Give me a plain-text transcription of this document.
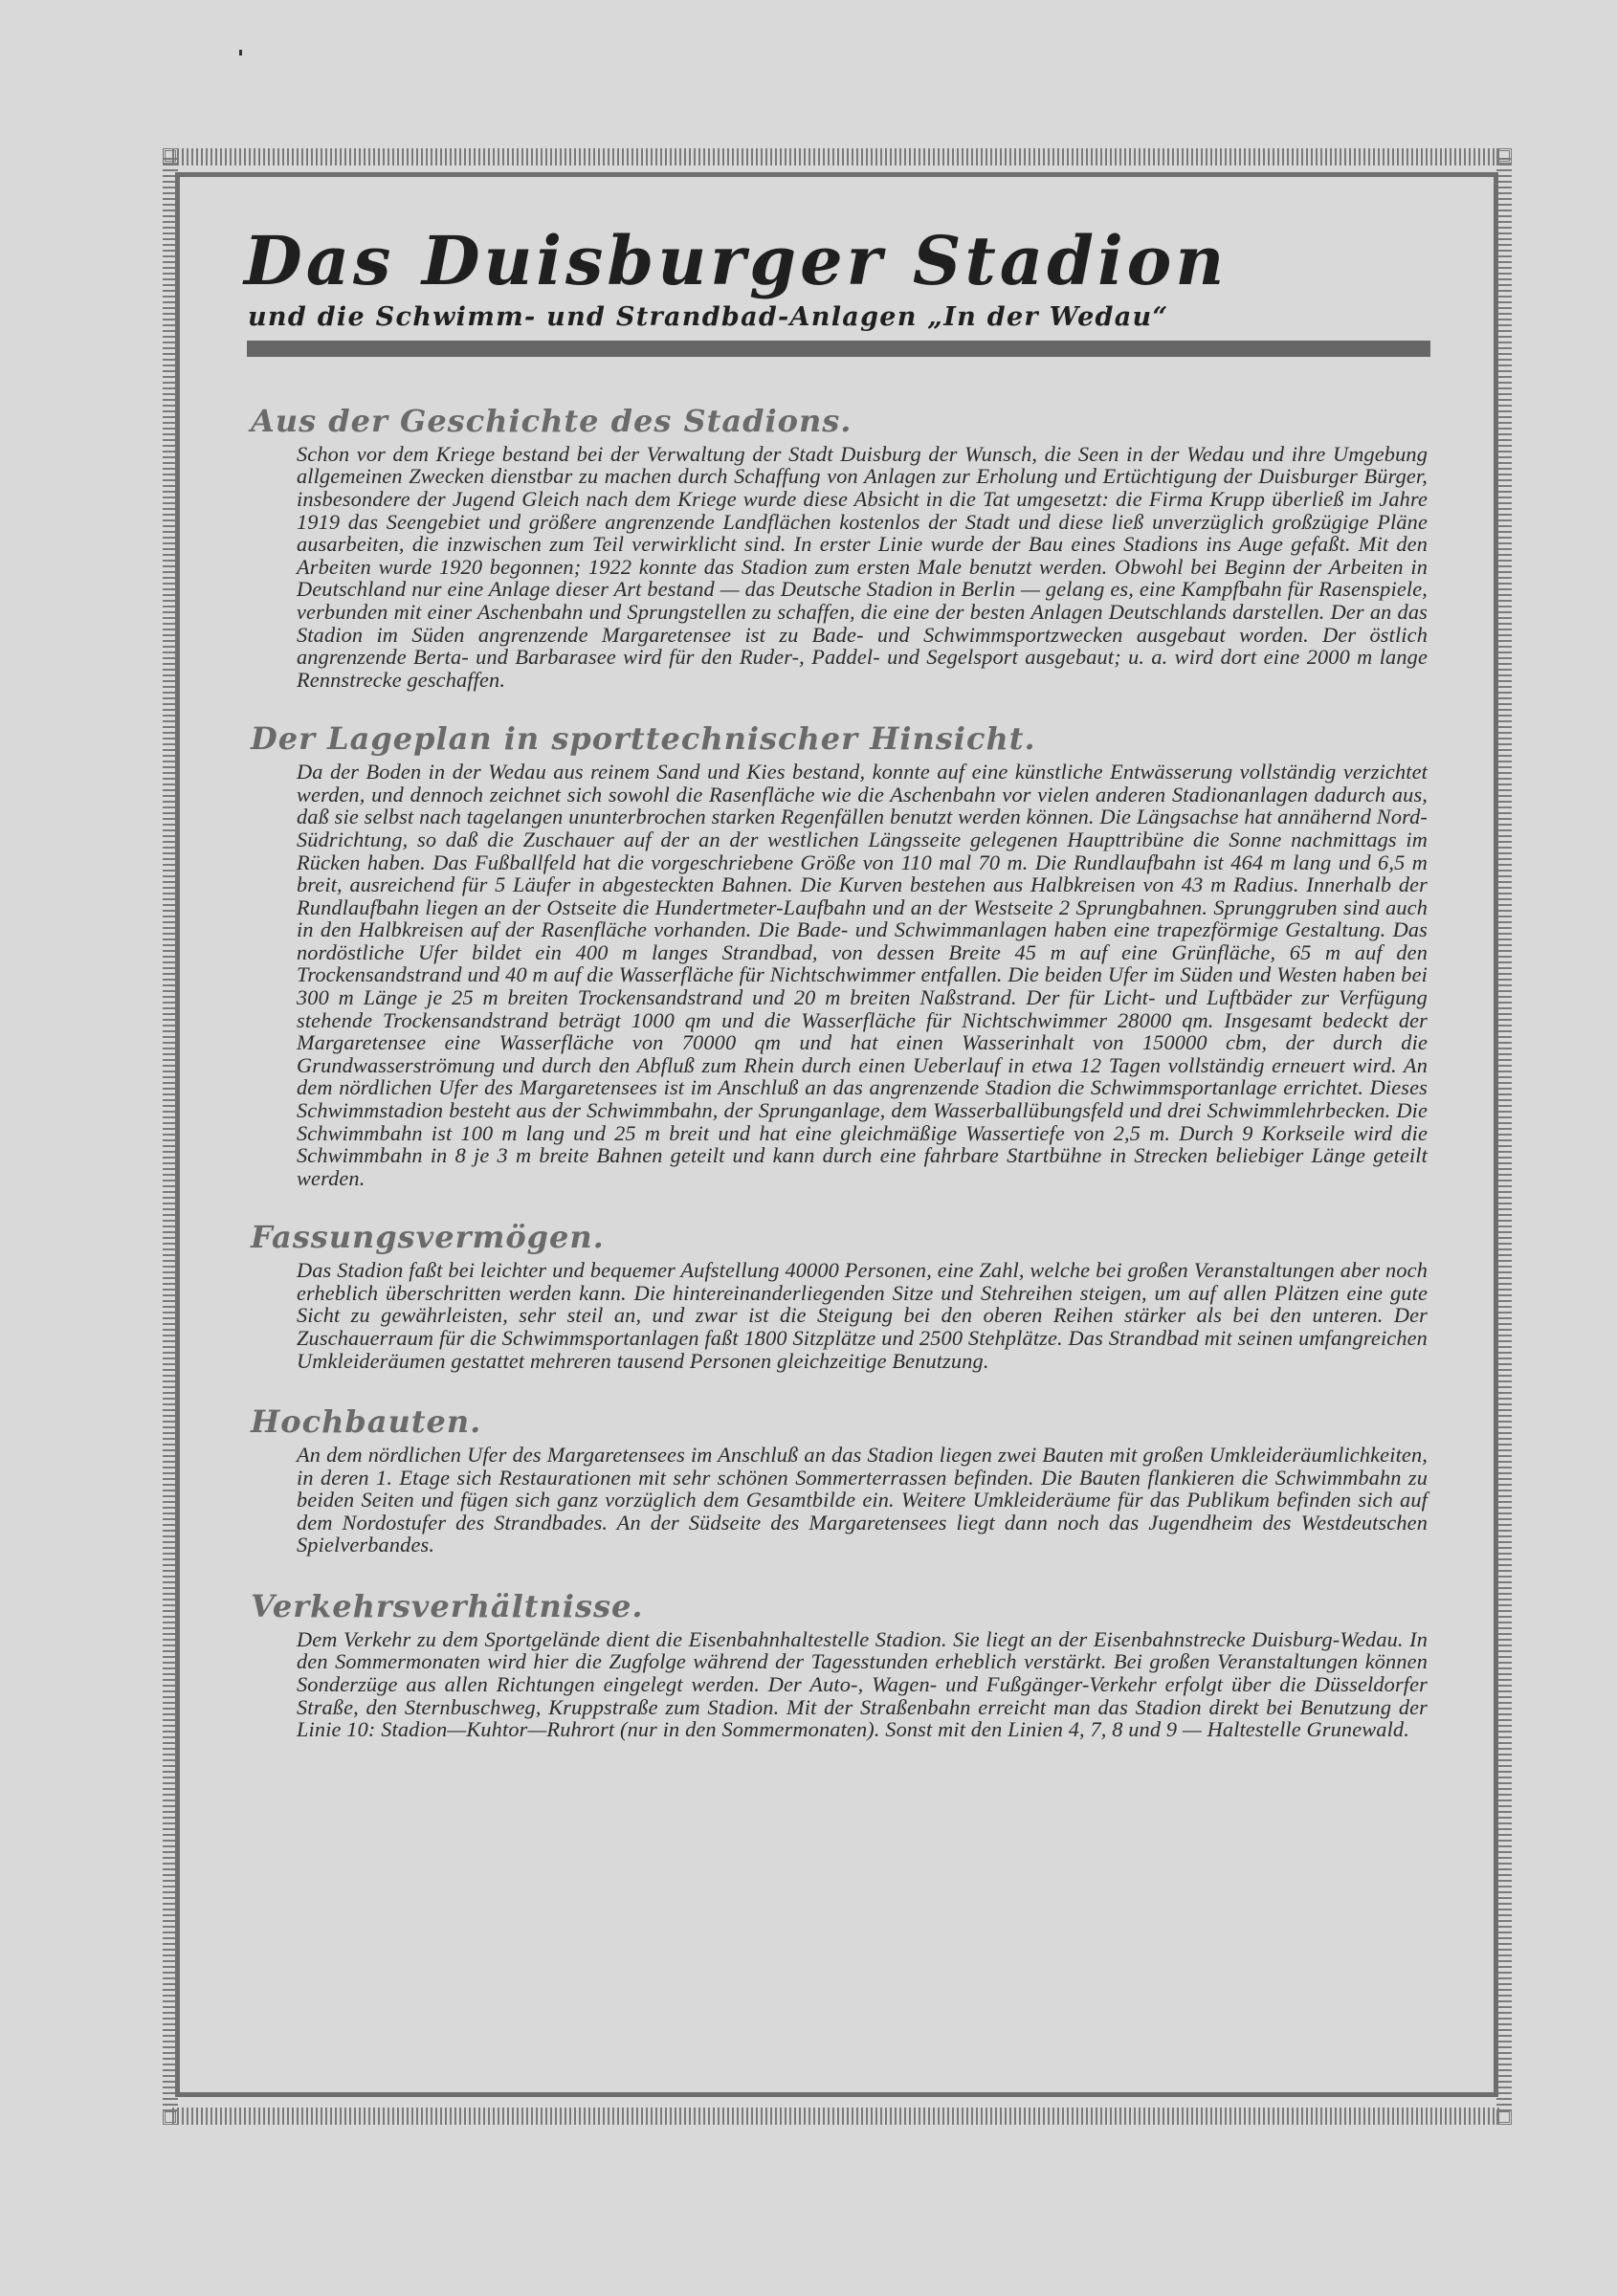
Das Duisburger Stadion
und die Schwimm- und Strandbad-Anlagen „In der Wedau“
Aus der Geschichte des Stadions.

Schon vor dem Kriege bestand bei der Verwaltung der Stadt Duisburg der Wunsch, die Seen in der Wedau und ihre Umgebung allgemeinen Zwecken dienstbar zu machen durch Schaffung von Anlagen zur Erholung und Ertüchtigung der Duisburger Bürger, insbesondere der Jugend Gleich nach dem Kriege wurde diese Absicht in die Tat umgesetzt: die Firma Krupp überließ im Jahre 1919 das Seengebiet und größere angrenzende Landflächen kostenlos der Stadt und diese ließ unverzüglich großzügige Pläne ausarbeiten, die inzwischen zum Teil verwirklicht sind. In erster Linie wurde der Bau eines Stadions ins Auge gefaßt. Mit den Arbeiten wurde 1920 begonnen; 1922 konnte das Stadion zum ersten Male benutzt werden. Obwohl bei Beginn der Arbeiten in Deutschland nur eine Anlage dieser Art bestand — das Deutsche Stadion in Berlin — gelang es, eine Kampfbahn für Rasenspiele, verbunden mit einer Aschenbahn und Sprungstellen zu schaffen, die eine der besten Anlagen Deutschlands darstellen. Der an das Stadion im Süden angrenzende Margaretensee ist zu Bade- und Schwimmsportzwecken ausgebaut worden. Der östlich angrenzende Berta- und Barbarasee wird für den Ruder-, Paddel- und Segelsport ausgebaut; u. a. wird dort eine 2000 m lange Rennstrecke geschaffen.

Der Lageplan in sporttechnischer Hinsicht.

Da der Boden in der Wedau aus reinem Sand und Kies bestand, konnte auf eine künstliche Entwässerung vollständig verzichtet werden, und dennoch zeichnet sich sowohl die Rasenfläche wie die Aschenbahn vor vielen anderen Stadionanlagen dadurch aus, daß sie selbst nach tagelangen ununterbrochen starken Regenfällen benutzt werden können. Die Längsachse hat annähernd Nord-Südrichtung, so daß die Zuschauer auf der an der westlichen Längsseite gelegenen Haupttribüne die Sonne nachmittags im Rücken haben. Das Fußballfeld hat die vorgeschriebene Größe von 110 mal 70 m. Die Rundlaufbahn ist 464 m lang und 6,5 m breit, ausreichend für 5 Läufer in abgesteckten Bahnen. Die Kurven bestehen aus Halbkreisen von 43 m Radius. Innerhalb der Rundlaufbahn liegen an der Ostseite die Hundertmeter-Laufbahn und an der Westseite 2 Sprungbahnen. Sprunggruben sind auch in den Halbkreisen auf der Rasenfläche vorhanden. Die Bade- und Schwimmanlagen haben eine trapezförmige Gestaltung. Das nordöstliche Ufer bildet ein 400 m langes Strandbad, von dessen Breite 45 m auf eine Grünfläche, 65 m auf den Trockensandstrand und 40 m auf die Wasserfläche für Nichtschwimmer entfallen. Die beiden Ufer im Süden und Westen haben bei 300 m Länge je 25 m breiten Trockensandstrand und 20 m breiten Naßstrand. Der für Licht- und Luftbäder zur Verfügung stehende Trockensandstrand beträgt 1000 qm und die Wasserfläche für Nichtschwimmer 28000 qm. Insgesamt bedeckt der Margaretensee eine Wasserfläche von 70000 qm und hat einen Wasserinhalt von 150000 cbm, der durch die Grundwasserströmung und durch den Abfluß zum Rhein durch einen Ueberlauf in etwa 12 Tagen vollständig erneuert wird. An dem nördlichen Ufer des Margaretensees ist im Anschluß an das angrenzende Stadion die Schwimmsportanlage errichtet. Dieses Schwimmstadion besteht aus der Schwimmbahn, der Sprunganlage, dem Wasserballübungsfeld und drei Schwimmlehrbecken. Die Schwimmbahn ist 100 m lang und 25 m breit und hat eine gleichmäßige Wassertiefe von 2,5 m. Durch 9 Korkseile wird die Schwimmbahn in 8 je 3 m breite Bahnen geteilt und kann durch eine fahrbare Startbühne in Strecken beliebiger Länge geteilt werden.

Fassungsvermögen.

Das Stadion faßt bei leichter und bequemer Aufstellung 40000 Personen, eine Zahl, welche bei großen Veranstaltungen aber noch erheblich überschritten werden kann. Die hintereinanderliegenden Sitze und Stehreihen steigen, um auf allen Plätzen eine gute Sicht zu gewährleisten, sehr steil an, und zwar ist die Steigung bei den oberen Reihen stärker als bei den unteren. Der Zuschauerraum für die Schwimmsportanlagen faßt 1800 Sitzplätze und 2500 Stehplätze. Das Strandbad mit seinen umfangreichen Umkleideräumen gestattet mehreren tausend Personen gleichzeitige Benutzung.

Hochbauten.

An dem nördlichen Ufer des Margaretensees im Anschluß an das Stadion liegen zwei Bauten mit großen Umkleideräumlichkeiten, in deren 1. Etage sich Restaurationen mit sehr schönen Sommerterrassen befinden. Die Bauten flankieren die Schwimmbahn zu beiden Seiten und fügen sich ganz vorzüglich dem Gesamtbilde ein. Weitere Umkleideräume für das Publikum befinden sich auf dem Nordostufer des Strandbades. An der Südseite des Margaretensees liegt dann noch das Jugendheim des Westdeutschen Spielverbandes.

Verkehrsverhältnisse.

Dem Verkehr zu dem Sportgelände dient die Eisenbahnhaltestelle Stadion. Sie liegt an der Eisenbahnstrecke Duisburg-Wedau. In den Sommermonaten wird hier die Zugfolge während der Tagesstunden erheblich verstärkt. Bei großen Veranstaltungen können Sonderzüge aus allen Richtungen eingelegt werden. Der Auto-, Wagen- und Fußgänger-Verkehr erfolgt über die Düsseldorfer Straße, den Sternbuschweg, Kruppstraße zum Stadion. Mit der Straßenbahn erreicht man das Stadion direkt bei Benutzung der Linie 10: Stadion—Kuhtor—Ruhrort (nur in den Sommermonaten). Sonst mit den Linien 4, 7, 8 und 9 — Haltestelle Grunewald.
